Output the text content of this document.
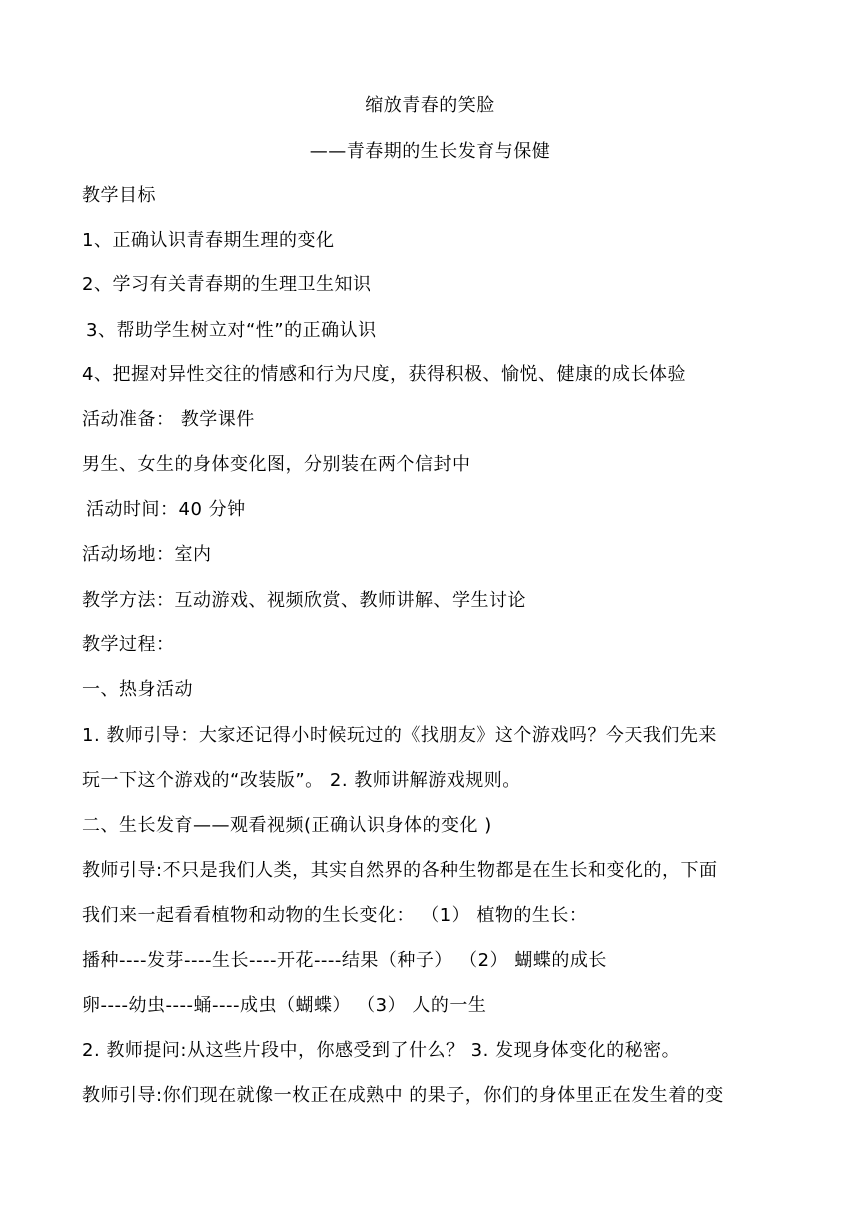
缩放青春的笑脸
——青春期的生长发育与保健
教学目标
1、正确认识青春期生理的变化
2、学习有关青春期的生理卫生知识
3、帮助学生树立对“性”的正确认识
4、把握对异性交往的情感和行为尺度，获得积极、愉悦、健康的成长体验
活动准备： 教学课件
男生、女生的身体变化图，分别装在两个信封中
活动时间：40 分钟
活动场地：室内
教学方法：互动游戏、视频欣赏、教师讲解、学生讨论
教学过程：
一、热身活动
1. 教师引导：大家还记得小时候玩过的《找朋友》这个游戏吗？今天我们先来
玩一下这个游戏的“改装版”。 2. 教师讲解游戏规则。
二、生长发育——观看视频(正确认识身体的变化 )
教师引导:不只是我们人类，其实自然界的各种生物都是在生长和变化的，下面
我们来一起看看植物和动物的生长变化： （1） 植物的生长：
播种----发芽----生长----开花----结果（种子） （2） 蝴蝶的成长
卵----幼虫----蛹----成虫（蝴蝶） （3） 人的一生
2. 教师提问:从这些片段中，你感受到了什么？ 3. 发现身体变化的秘密。
教师引导:你们现在就像一枚正在成熟中 的果子，你们的身体里正在发生着的变
